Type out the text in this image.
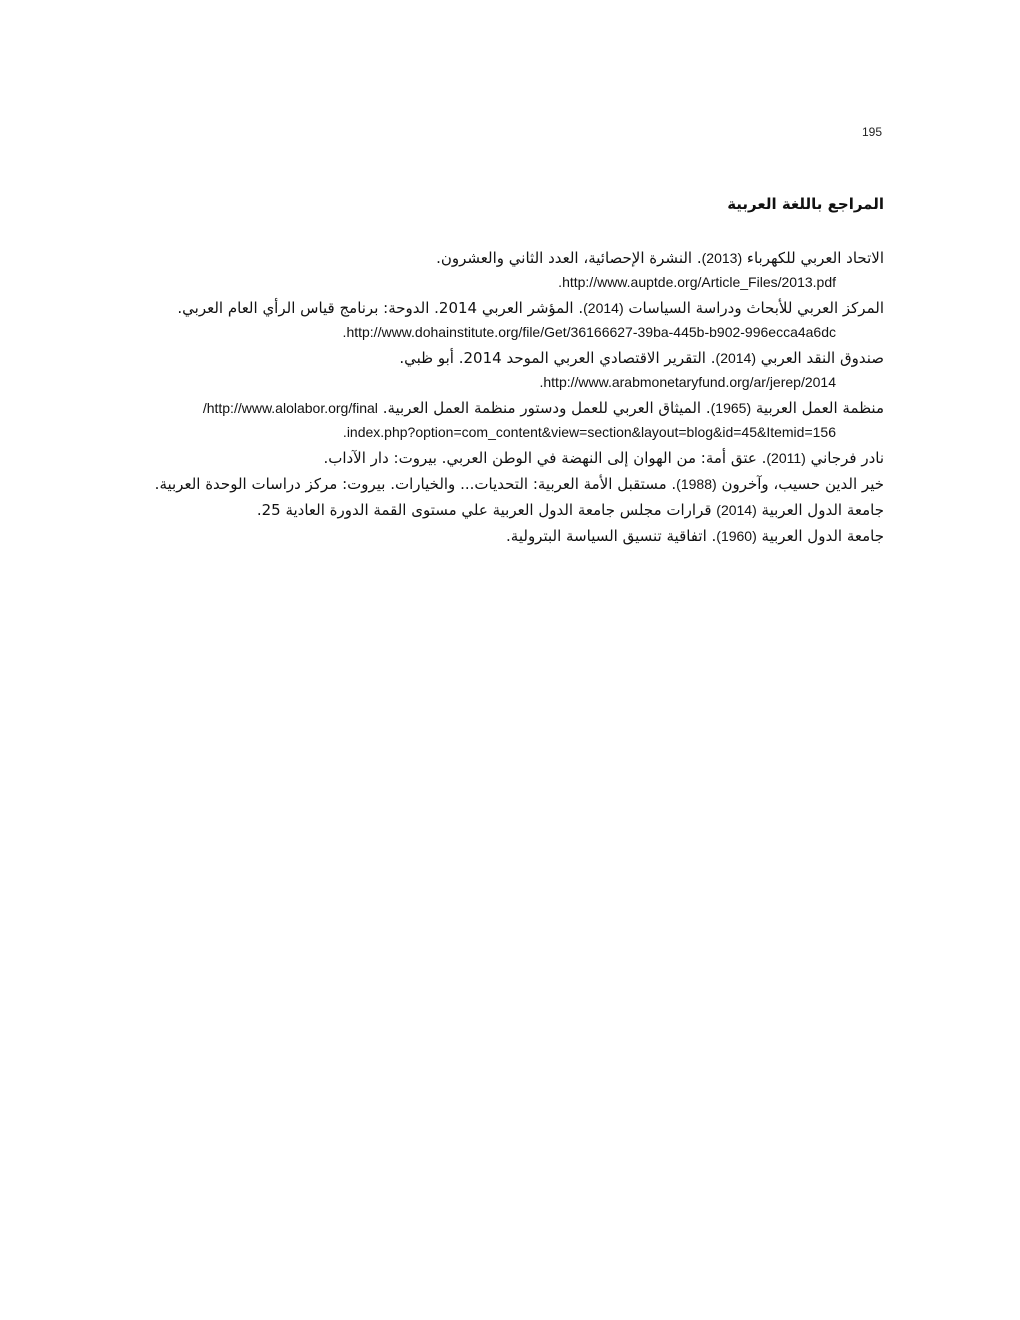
195
المراجع باللغة العربية
الاتحاد العربي للكهرباء (2013). النشرة الإحصائية، العدد الثاني والعشرون.
http://www.auptde.org/Article_Files/2013.pdf.
المركز العربي للأبحاث ودراسة السياسات (2014). المؤشر العربي 2014. الدوحة: برنامج قياس الرأي العام العربي.
http://www.dohainstitute.org/file/Get/36166627-39ba-445b-b902-996ecca4a6dc.
صندوق النقد العربي (2014). التقرير الاقتصادي العربي الموحد 2014. أبو ظبي.
http://www.arabmonetaryfund.org/ar/jerep/2014.
منظمة العمل العربية (1965). الميثاق العربي للعمل ودستور منظمة العمل العربية. http://www.alolabor.org/final/
index.php?option=com_content&view=section&layout=blog&id=45&Itemid=156.
نادر فرجاني (2011). عتق أمة: من الهوان إلى النهضة في الوطن العربي. بيروت: دار الآداب.
خير الدين حسيب، وآخرون (1988). مستقبل الأمة العربية: التحديات... والخيارات. بيروت: مركز دراسات الوحدة العربية.
جامعة الدول العربية (2014) قرارات مجلس جامعة الدول العربية علي مستوى القمة الدورة العادية 25.
جامعة الدول العربية (1960). اتفاقية تنسيق السياسة البترولية.
